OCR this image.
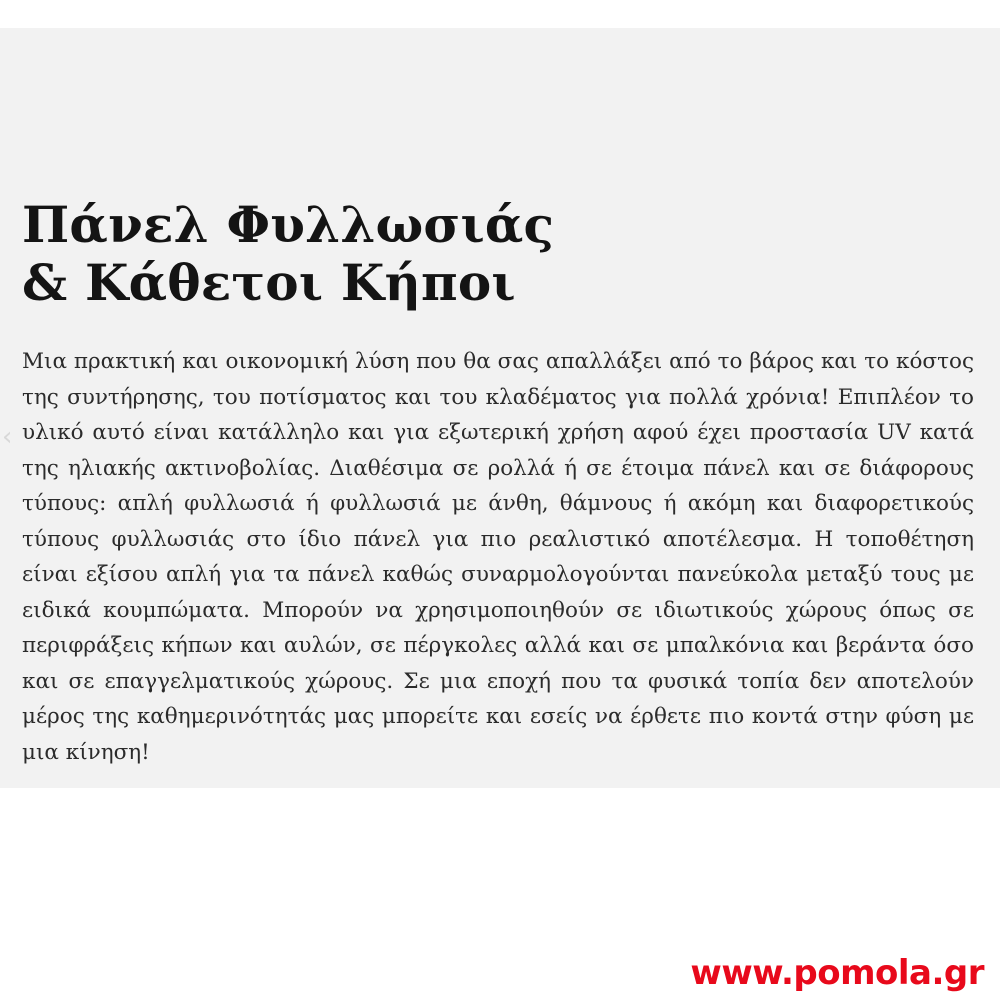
‹
Πάνελ Φυλλωσιάς
& Κάθετοι Κήποι

Μια πρακτική και οικονομική λύση που θα σας απαλλάξει από το βάρος και το κόστος της συντήρησης, του ποτίσματος και του κλαδέματος για πολλά χρόνια! Επιπλέον το υλικό αυτό είναι κατάλληλο και για εξωτερική χρήση αφού έχει προστασία UV κατά της ηλιακής ακτινοβολίας. Διαθέσιμα σε ρολλά ή σε έτοιμα πάνελ και σε διάφορους τύπους: απλή φυλλωσιά ή φυλλωσιά με άνθη, θάμνους ή ακόμη και διαφορετικούς τύπους φυλλωσιάς στο ίδιο πάνελ για πιο ρεαλιστικό αποτέλεσμα. Η τοποθέτηση είναι εξίσου απλή για τα πάνελ καθώς συναρμολογούνται πανεύκολα μεταξύ τους με ειδικά κουμπώματα. Μπορούν να χρησιμοποιηθούν σε ιδιωτικούς χώρους όπως σε περιφράξεις κήπων και αυλών, σε πέργκολες αλλά και σε μπαλκόνια και βεράντα όσο και σε επαγγελματικούς χώρους. Σε μια εποχή που τα φυσικά τοπία δεν αποτελούν μέρος της καθημερινότητάς μας μπορείτε και εσείς να έρθετε πιο κοντά στην φύση με μια κίνηση!

www.pomola.gr
